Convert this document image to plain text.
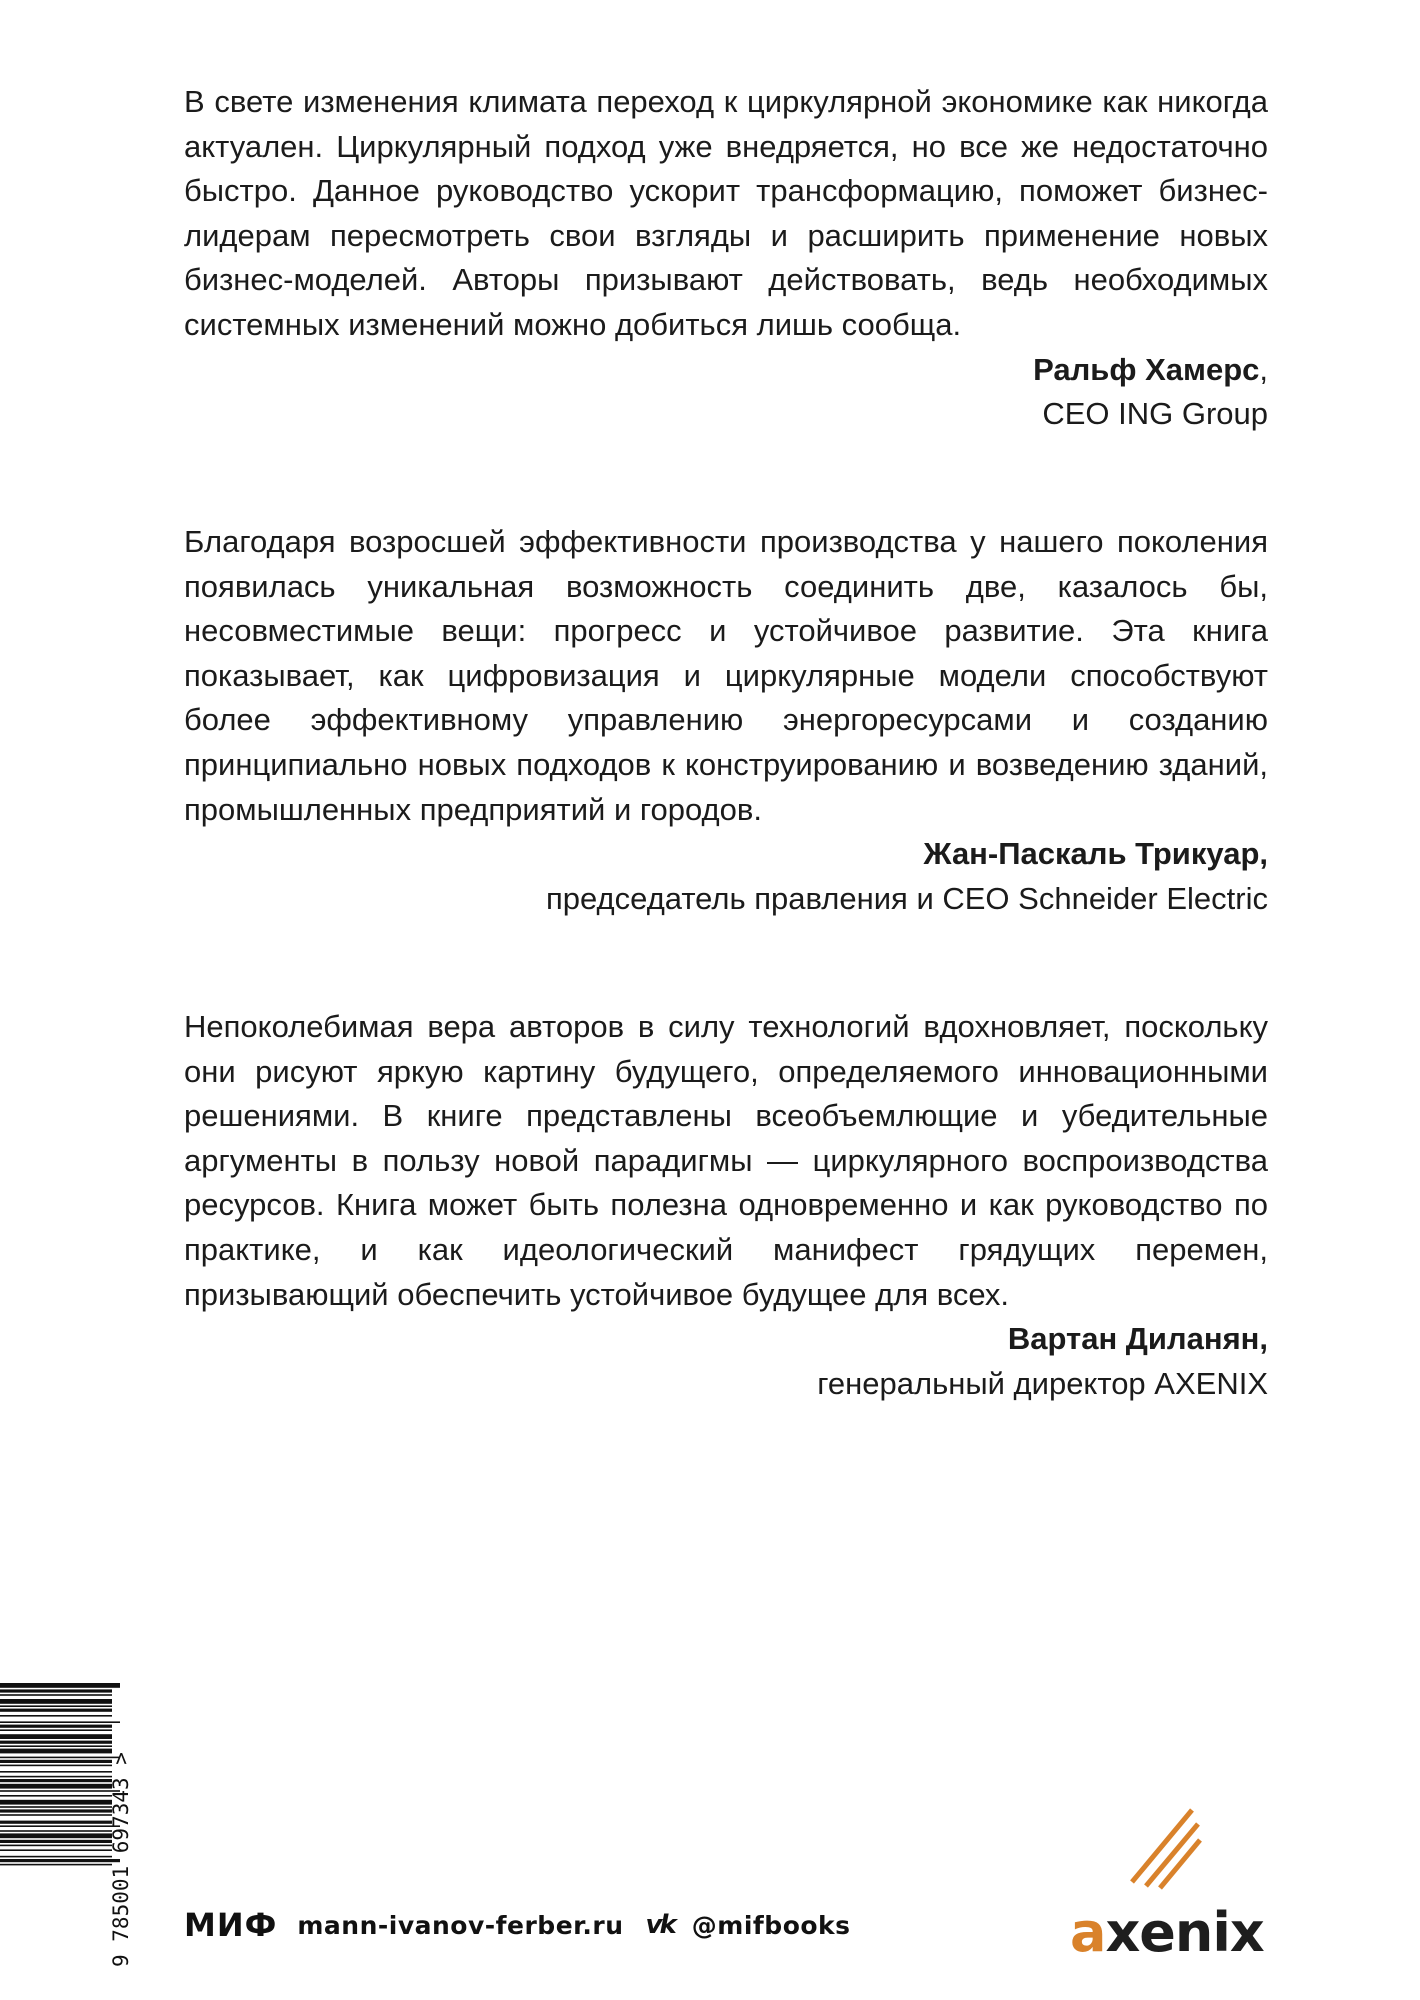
В свете изменения климата переход к циркулярной экономике как никогда актуален. Циркулярный подход уже внедряется, но все же недостаточно быстро. Данное руководство ускорит трансформацию, поможет бизнес-лидерам пересмотреть свои взгляды и расширить применение новых бизнес-моделей. Авторы призывают действовать, ведь необходимых системных изменений можно добиться лишь сообща.

Ральф Хамерс,
CEO ING Group

Благодаря возросшей эффективности производства у нашего поколения появилась уникальная возможность соединить две, казалось бы, несовместимые вещи: прогресс и устойчивое развитие. Эта книга показывает, как цифровизация и циркулярные модели способствуют более эффективному управлению энергоресурсами и созданию принципиально новых подходов к конструированию и возведению зданий, промышленных предприятий и городов.

Жан-Паскаль Трикуар,
председатель правления и CEO Schneider Electric

Непоколебимая вера авторов в силу технологий вдохновляет, поскольку они рисуют яркую картину будущего, определяемого инновационными решениями. В книге представлены всеобъемлющие и убедительные аргументы в пользу новой парадигмы — циркулярного воспроизводства ресурсов. Книга может быть полезна одновременно и как руководство по практике, и как идеологический манифест грядущих перемен, призывающий обеспечить устойчивое будущее для всех.

Вартан Диланян,
генеральный директор AXENIX
9 785001 697343 > МИФ mann-ivanov-ferber.ru vk @mifbooks	axenix
